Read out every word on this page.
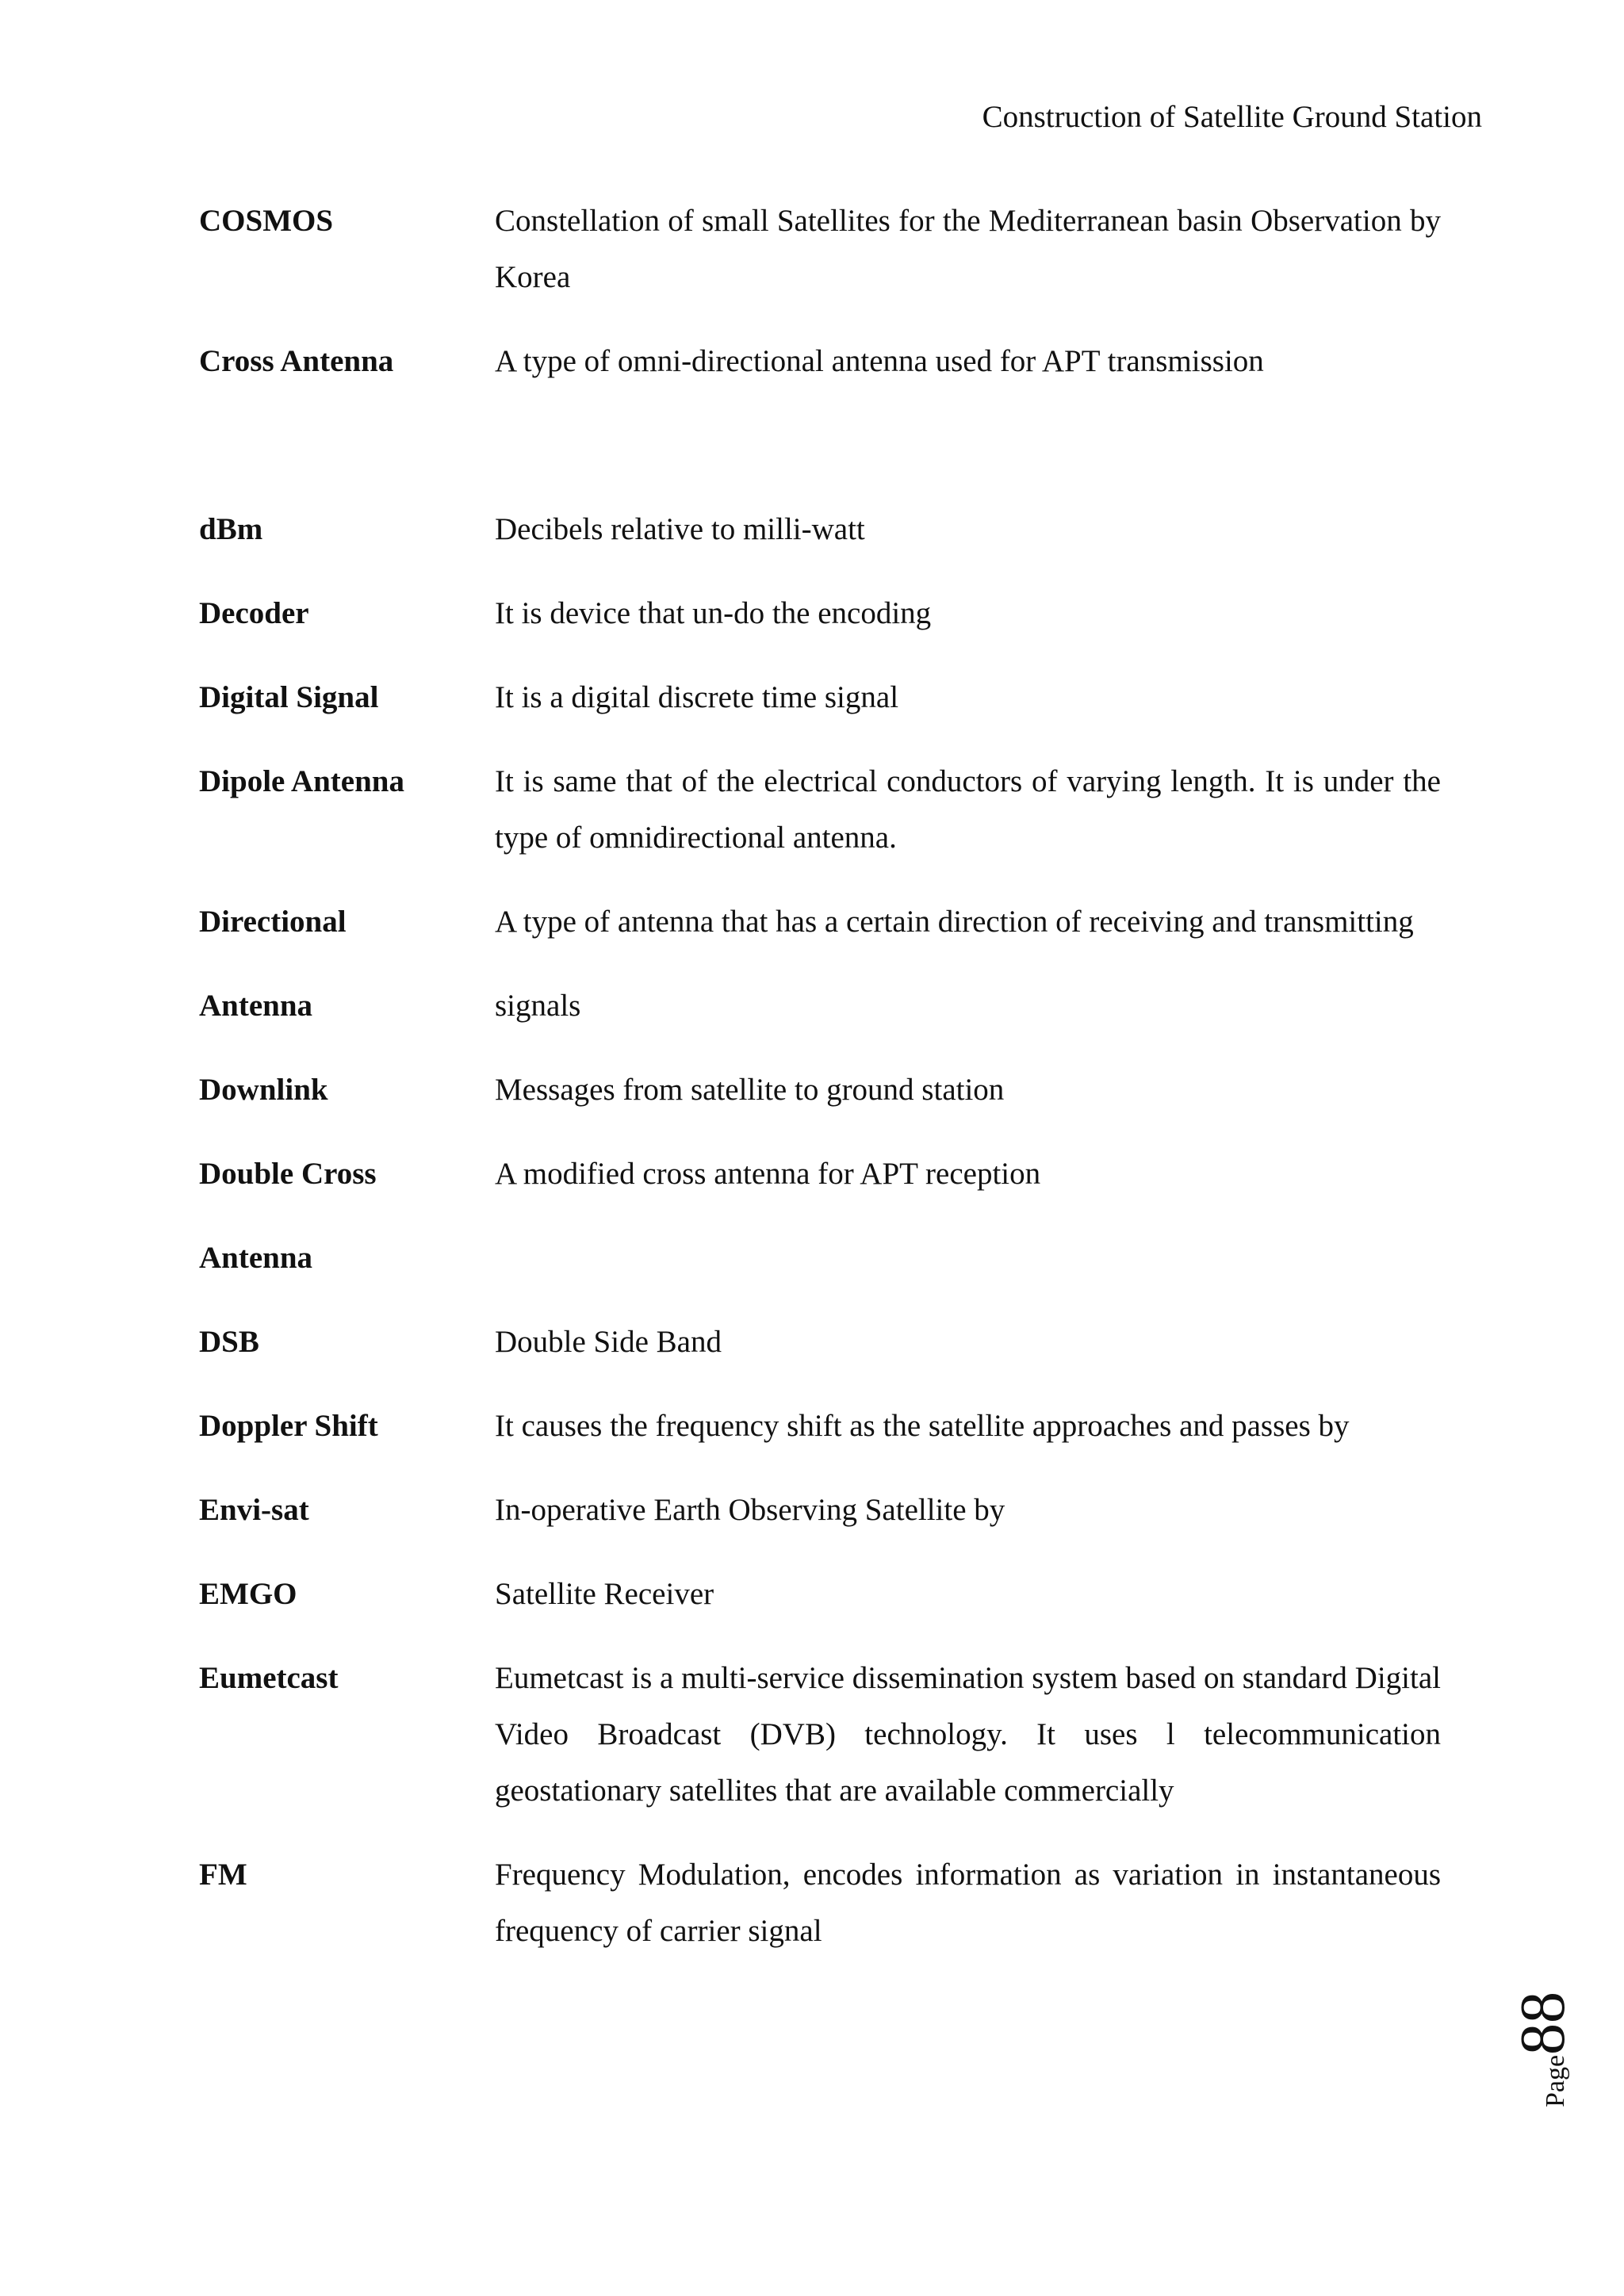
Construction of Satellite Ground Station
COSMOS	Constellation of small Satellites for the Mediterranean basin Observation by Korea
Cross Antenna	A type of omni-directional antenna used for APT transmission

dBm	Decibels relative to milli-watt
Decoder	It is device that un-do the encoding
Digital Signal	It is a digital discrete time signal
Dipole Antenna	It is same that of the electrical conductors of varying length. It is under the type of omnidirectional antenna.
Directional	A type of antenna that has a certain direction of receiving and transmitting
Antenna	signals
Downlink	Messages from satellite to ground station
Double Cross	A modified cross antenna for APT reception
Antenna
DSB	Double Side Band
Doppler Shift	It causes the frequency shift as the satellite approaches and passes by
Envi-sat	In-operative Earth Observing Satellite by
EMGO	Satellite Receiver
Eumetcast	Eumetcast is a multi-service dissemination system based on standard Digital Video Broadcast (DVB) technology. It uses l telecommunication geostationary satellites that are available commercially
FM	Frequency Modulation, encodes information as variation in instantaneous frequency of carrier signal
Page
88
